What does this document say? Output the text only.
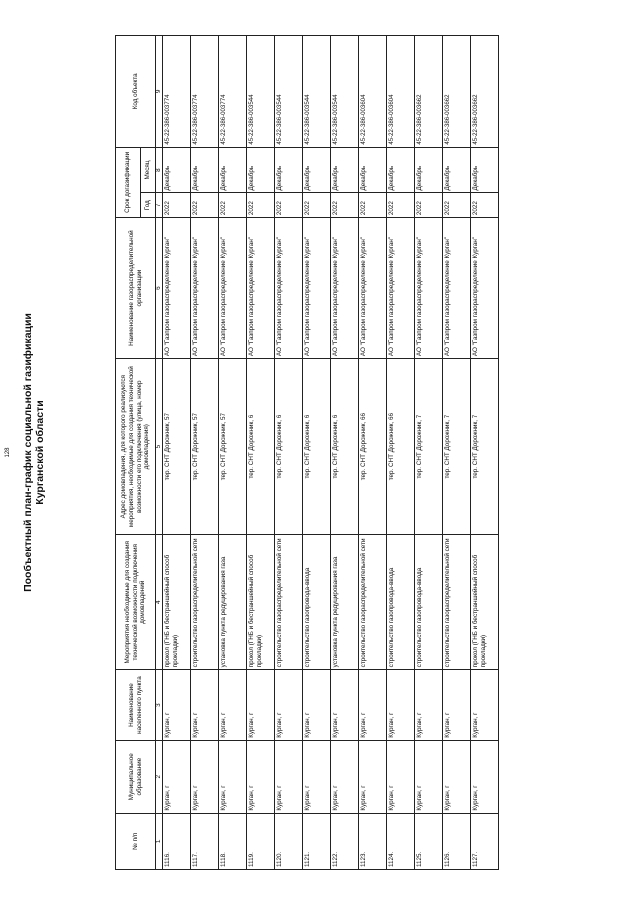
128 Пообъектный план-график социальной газификации Курганской области
№ п/п	Муниципальное образование	Наименование населенного пункта	Мероприятия необходимые для создания технической возможности подключения домовладений	Адрес домовладения, для которого реализуются мероприятия, необходимые для создания технической возможности его подключения (улица, номер домовладения)	Наименование газораспределительной организации	Срок догазификации		Код объекта
						Год	Месяц	
1	2	3	4	5	6	7	8	9
1116.	Курган, г	Курган, г	прокол (ГНБ и бестраншейный способ прокладки)	тер. СНТ Дорожник, 57	АО "Газпром газораспределение Курган"	2022	Декабрь	45-22-386-003774
1117.	Курган, г	Курган, г	строительство газораспределительной сети	тер. СНТ Дорожник, 57	АО "Газпром газораспределение Курган"	2022	Декабрь	45-22-386-003774
1118.	Курган, г	Курган, г	установка пункта редуцирования газа	тер. СНТ Дорожник, 57	АО "Газпром газораспределение Курган"	2022	Декабрь	45-22-386-003774
1119.	Курган, г	Курган, г	прокол (ГНБ и бестраншейный способ прокладки)	тер. СНТ Дорожник, 6	АО "Газпром газораспределение Курган"	2022	Декабрь	45-22-386-003544
1120.	Курган, г	Курган, г	строительство газораспределительной сети	тер. СНТ Дорожник, 6	АО "Газпром газораспределение Курган"	2022	Декабрь	45-22-386-003544
1121.	Курган, г	Курган, г	строительство газопровода-ввода	тер. СНТ Дорожник, 6	АО "Газпром газораспределение Курган"	2022	Декабрь	45-22-386-003544
1122.	Курган, г	Курган, г	установка пункта редуцирования газа	тер. СНТ Дорожник, 6	АО "Газпром газораспределение Курган"	2022	Декабрь	45-22-386-003544
1123.	Курган, г	Курган, г	строительство газораспределительной сети	тер. СНТ Дорожник, 66	АО "Газпром газораспределение Курган"	2022	Декабрь	45-22-386-003604
1124.	Курган, г	Курган, г	строительство газопровода-ввода	тер. СНТ Дорожник, 66	АО "Газпром газораспределение Курган"	2022	Декабрь	45-22-386-003604
1125.	Курган, г	Курган, г	строительство газопровода-ввода	тер. СНТ Дорожник, 7	АО "Газпром газораспределение Курган"	2022	Декабрь	45-22-386-003662
1126.	Курган, г	Курган, г	строительство газораспределительной сети	тер. СНТ Дорожник, 7	АО "Газпром газораспределение Курган"	2022	Декабрь	45-22-386-003662
1127.	Курган, г	Курган, г	прокол (ГНБ и бестраншейный способ прокладки)	тер. СНТ Дорожник, 7	АО "Газпром газораспределение Курган"	2022	Декабрь	45-22-386-003662
